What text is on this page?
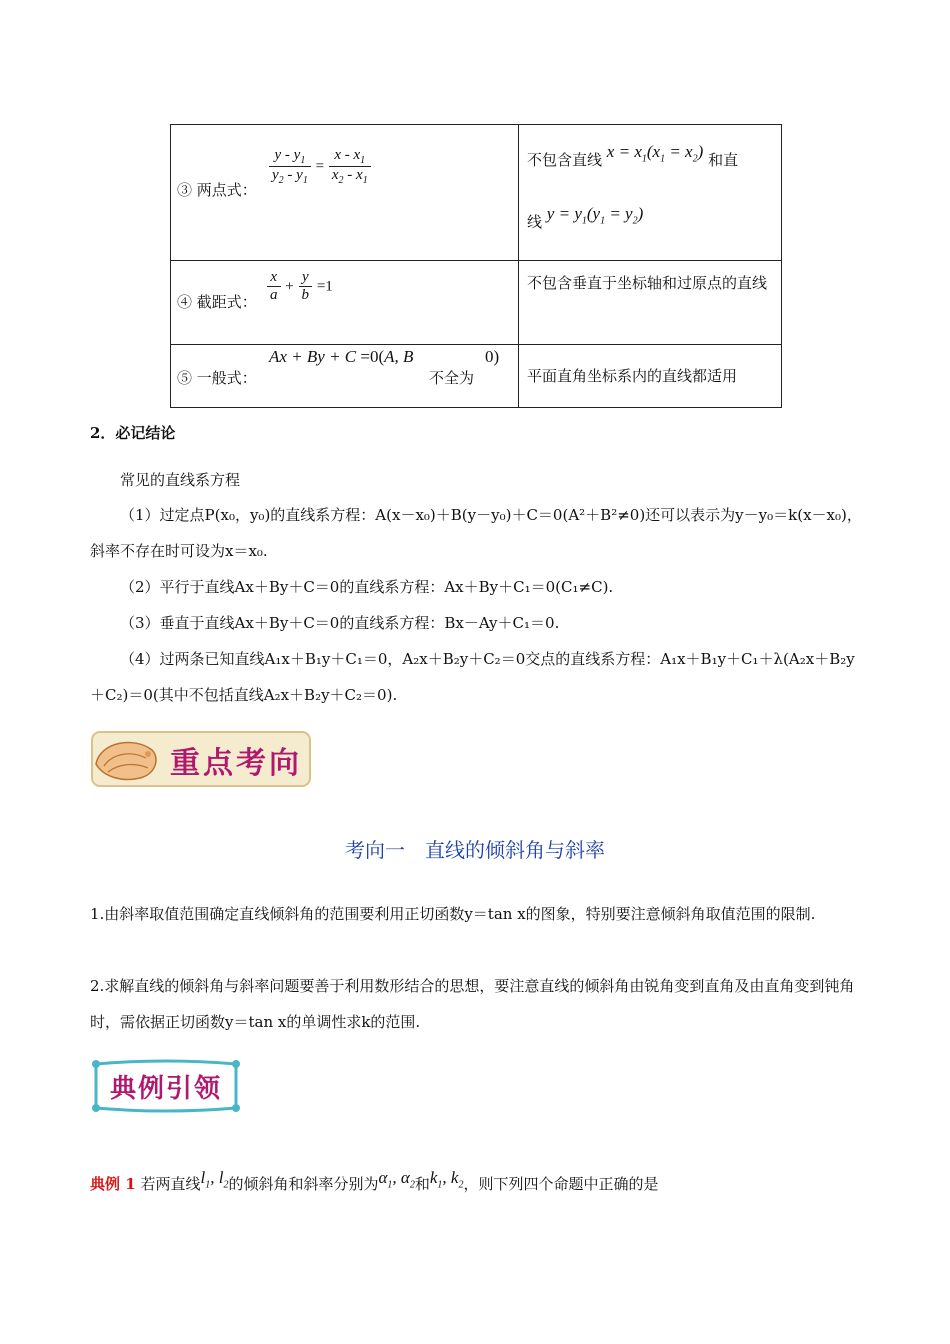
③ 两点式：
$\frac{y - y_1}{y_2 - y_1} = \frac{x - x_1}{x_2 - x_1}$	不包含直线 $x = x_1(x_1 = x_2)$ 和直
线 $y = y_1(y_1 = y_2)$
④ 截距式： $\frac{x}{a} + \frac{y}{b} =1$	不包含垂直于坐标轴和过原点的直线
⑤ 一般式：
Ax + By + C =0(A, B
不全为
0)
平面直角坐标系内的直线都适用
2．必记结论
常见的直线系方程
（1）过定点P(x₀，y₀)的直线系方程：A(x－x₀)＋B(y－y₀)＋C＝0(A²＋B²≠0)还可以表示为y－y₀＝k(x－x₀)，斜率不存在时可设为x＝x₀.
（2）平行于直线Ax＋By＋C＝0的直线系方程：Ax＋By＋C₁＝0(C₁≠C).
（3）垂直于直线Ax＋By＋C＝0的直线系方程：Bx－Ay＋C₁＝0.
（4）过两条已知直线A₁x＋B₁y＋C₁＝0，A₂x＋B₂y＋C₂＝0交点的直线系方程：A₁x＋B₁y＋C₁＋λ(A₂x＋B₂y＋C₂)＝0(其中不包括直线A₂x＋B₂y＋C₂＝0).
重点考向
考向一　直线的倾斜角与斜率
1.由斜率取值范围确定直线倾斜角的范围要利用正切函数y＝tan x的图象，特别要注意倾斜角取值范围的限制.
2.求解直线的倾斜角与斜率问题要善于利用数形结合的思想，要注意直线的倾斜角由锐角变到直角及由直角变到钝角时，需依据正切函数y＝tan x的单调性求k的范围.
典例引领
典例 1 若两直线$l_1$, $l_2$的倾斜角和斜率分别为$\alpha_1$, $\alpha_2$和$k_1$, $k_2$，则下列四个命题中正确的是
